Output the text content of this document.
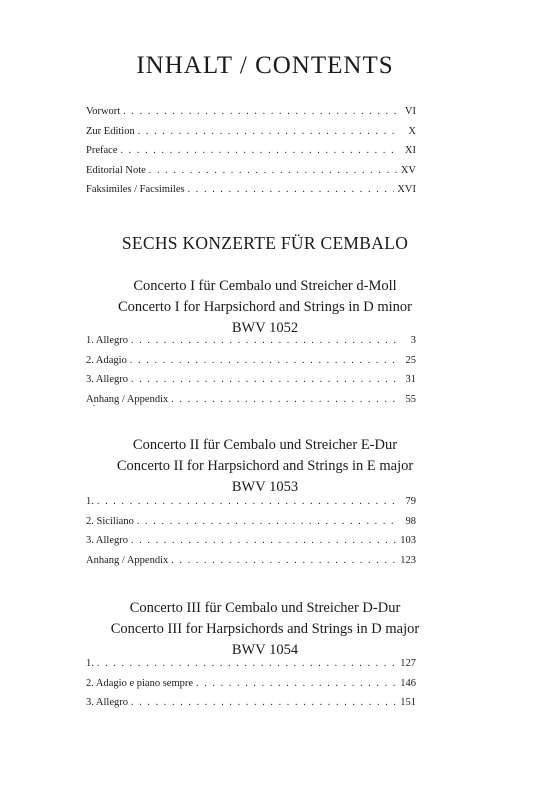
INHALT / CONTENTS
Vorwort . . .	VI
Zur Edition . . .	X
Preface . . .	XI
Editorial Note . . .	XV
Faksimiles / Facsimiles . . .	XVI
SECHS KONZERTE FÜR CEMBALO
Concerto I für Cembalo und Streicher d-Moll
Concerto I for Harpsichord and Strings in D minor
BWV 1052
1. Allegro . . .	3
2. Adagio . . .	25
3. Allegro . . .	31
Anhang / Appendix . . .	55
Concerto II für Cembalo und Streicher E-Dur
Concerto II for Harpsichord and Strings in E major
BWV 1053
1. . . .	79
2. Siciliano . . .	98
3. Allegro . . .	103
Anhang / Appendix . . .	123
Concerto III für Cembalo und Streicher D-Dur
Concerto III for Harpsichords and Strings in D major
BWV 1054
1. . . .	127
2. Adagio e piano sempre . . .	146
3. Allegro . . .	151
